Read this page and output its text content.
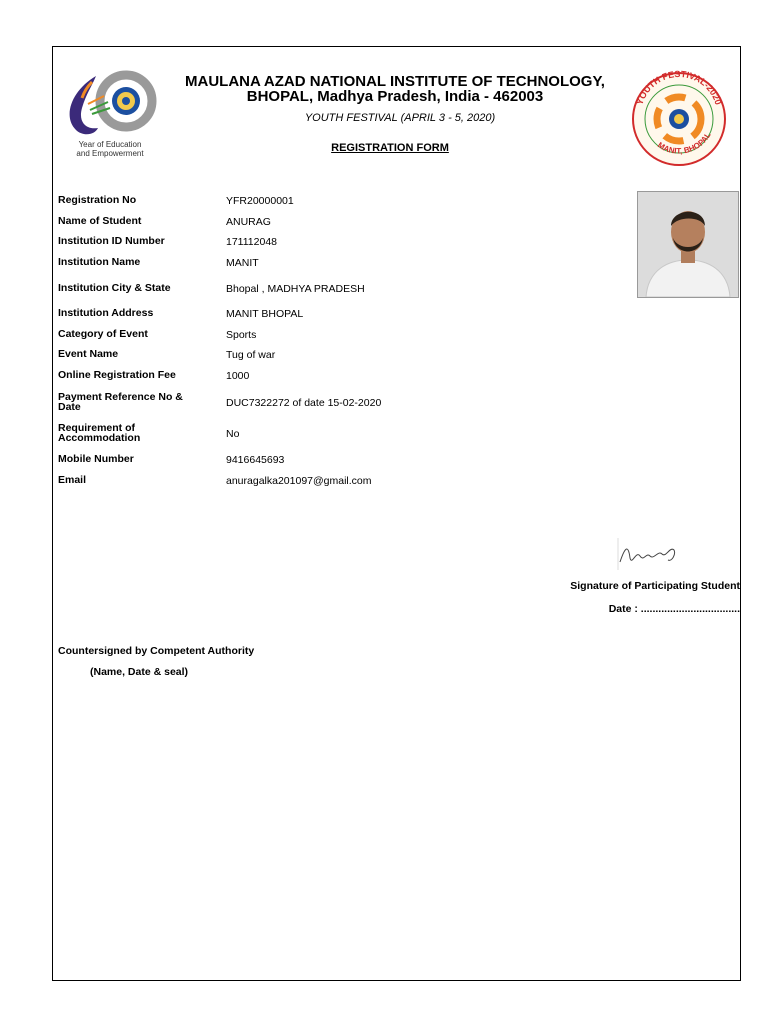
Year of Education
and Empowerment
MAULANA AZAD NATIONAL INSTITUTE OF TECHNOLOGY,
BHOPAL, Madhya Pradesh, India - 462003
YOUTH FESTIVAL (APRIL 3 - 5, 2020)
REGISTRATION FORM
YOUTH FESTIVAL-2020
MANIT, BHOPAL
Registration No	YFR20000001
Name of Student	ANURAG
Institution ID Number	171112048
Institution Name	MANIT
Institution City & State	Bhopal , MADHYA PRADESH
Institution Address	MANIT BHOPAL
Category of Event	Sports
Event Name	Tug of war
Online Registration Fee	1000
Payment Reference No & Date	DUC7322272 of date 15-02-2020
Requirement of Accommodation	No
Mobile Number	9416645693
Email	anuragalka201097@gmail.com
Signature of Participating Student
Date : ..................................
Countersigned by Competent Authority
(Name, Date & seal)
